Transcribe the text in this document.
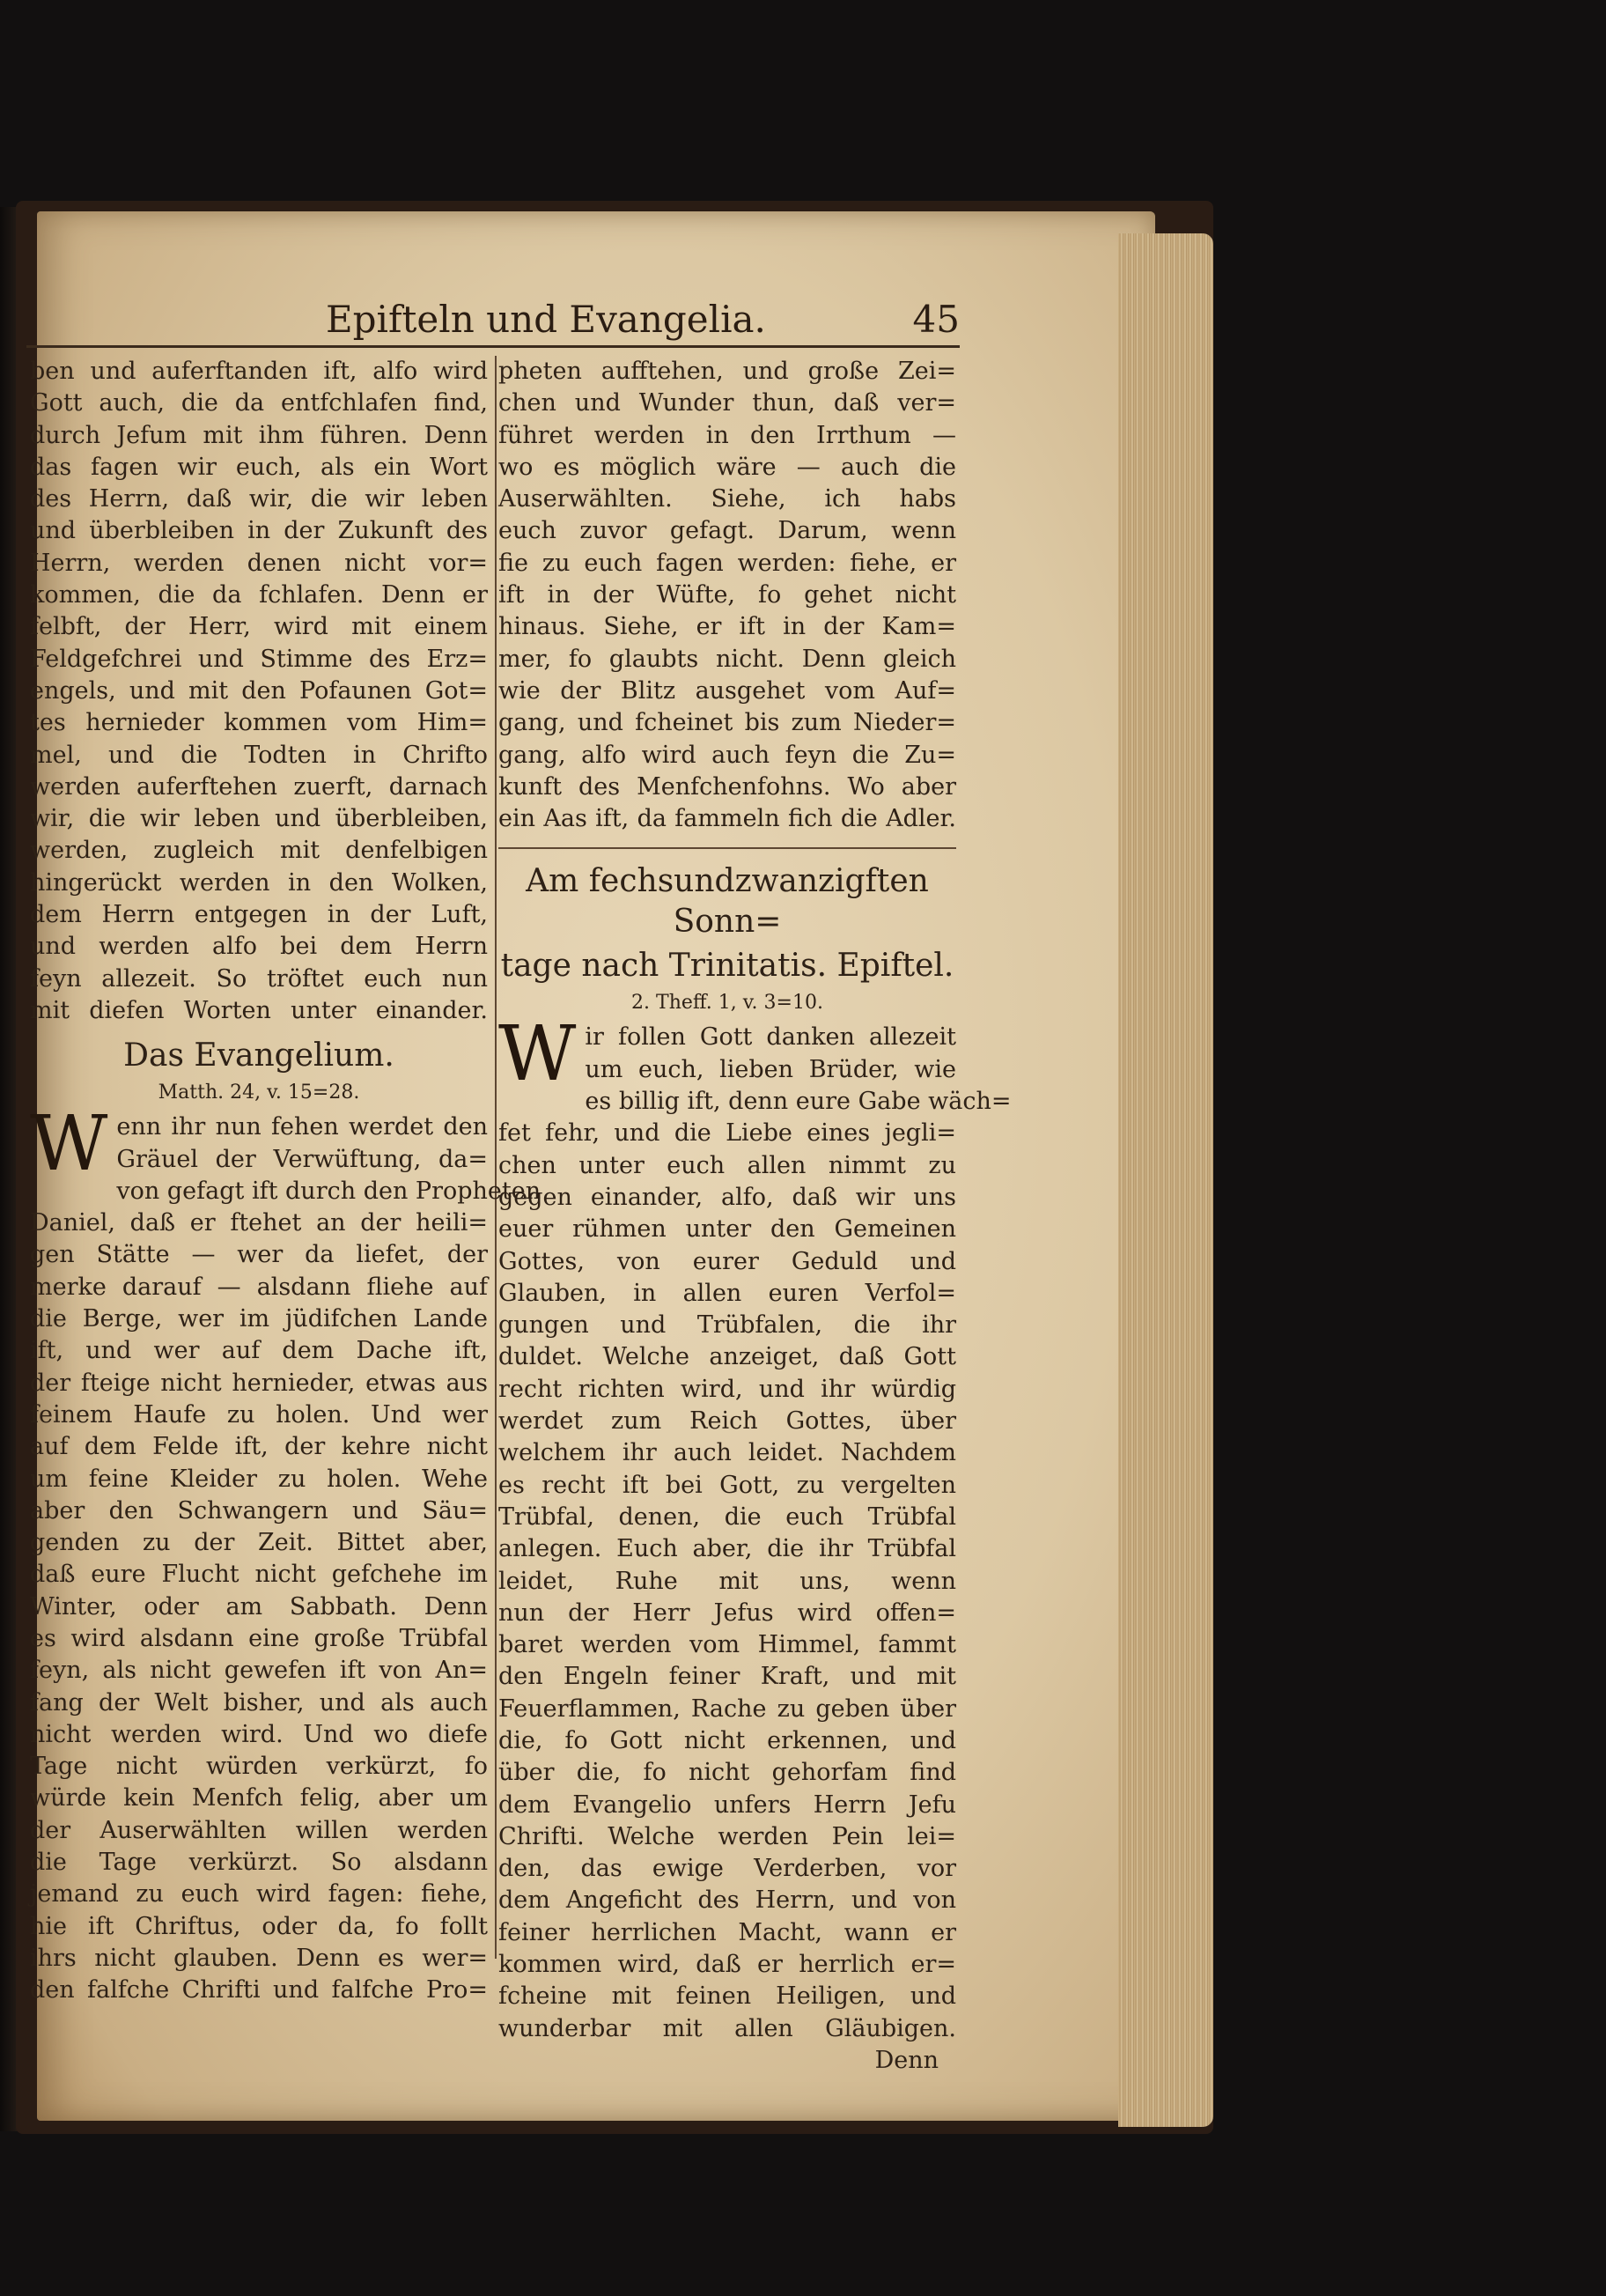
Epifteln und Evangelia.	45
ben und auferftanden ift, alfo wird
Gott auch, die da entfchlafen find,
durch Jefum mit ihm führen. Denn
das fagen wir euch, als ein Wort
des Herrn, daß wir, die wir leben
und überbleiben in der Zukunft des
Herrn, werden denen nicht vor=
kommen, die da fchlafen. Denn er
felbft, der Herr, wird mit einem
Feldgefchrei und Stimme des Erz=
engels, und mit den Pofaunen Got=
tes hernieder kommen vom Him=
mel, und die Todten in Chrifto
werden auferftehen zuerft, darnach
wir, die wir leben und überbleiben,
werden, zugleich mit denfelbigen
hingerückt werden in den Wolken,
dem Herrn entgegen in der Luft,
und werden alfo bei dem Herrn
feyn allezeit. So tröftet euch nun
mit diefen Worten unter einander.
Das Evangelium.
Matth. 24, v. 15=28.
W enn ihr nun fehen werdet den
Gräuel der Verwüftung, da=
von gefagt ift durch den Propheten
Daniel, daß er ftehet an der heili=
gen Stätte — wer da liefet, der
merke darauf — alsdann fliehe auf
die Berge, wer im jüdifchen Lande
ift, und wer auf dem Dache ift,
der fteige nicht hernieder, etwas aus
feinem Haufe zu holen. Und wer
auf dem Felde ift, der kehre nicht
um feine Kleider zu holen. Wehe
aber den Schwangern und Säu=
genden zu der Zeit. Bittet aber,
daß eure Flucht nicht gefchehe im
Winter, oder am Sabbath. Denn
es wird alsdann eine große Trübfal
feyn, als nicht gewefen ift von An=
fang der Welt bisher, und als auch
nicht werden wird. Und wo diefe
Tage nicht würden verkürzt, fo
würde kein Menfch felig, aber um
der Auserwählten willen werden
die Tage verkürzt. So alsdann
jemand zu euch wird fagen: fiehe,
hie ift Chriftus, oder da, fo follt
ihrs nicht glauben. Denn es wer=
den falfche Chrifti und falfche Pro=
pheten aufftehen, und große Zei=
chen und Wunder thun, daß ver=
führet werden in den Irrthum —
wo es möglich wäre — auch die
Auserwählten. Siehe, ich habs
euch zuvor gefagt. Darum, wenn
fie zu euch fagen werden: fiehe, er
ift in der Wüfte, fo gehet nicht
hinaus. Siehe, er ift in der Kam=
mer, fo glaubts nicht. Denn gleich
wie der Blitz ausgehet vom Auf=
gang, und fcheinet bis zum Nieder=
gang, alfo wird auch feyn die Zu=
kunft des Menfchenfohns. Wo aber
ein Aas ift, da fammeln fich die Adler.
Am fechsundzwanzigften Sonn=
tage nach Trinitatis. Epiftel.
2. Theff. 1, v. 3=10.
W ir follen Gott danken allezeit
um euch, lieben Brüder, wie
es billig ift, denn eure Gabe wäch=
fet fehr, und die Liebe eines jegli=
chen unter euch allen nimmt zu
gegen einander, alfo, daß wir uns
euer rühmen unter den Gemeinen
Gottes, von eurer Geduld und
Glauben, in allen euren Verfol=
gungen und Trübfalen, die ihr
duldet. Welche anzeiget, daß Gott
recht richten wird, und ihr würdig
werdet zum Reich Gottes, über
welchem ihr auch leidet. Nachdem
es recht ift bei Gott, zu vergelten
Trübfal, denen, die euch Trübfal
anlegen. Euch aber, die ihr Trübfal
leidet, Ruhe mit uns, wenn
nun der Herr Jefus wird offen=
baret werden vom Himmel, fammt
den Engeln feiner Kraft, und mit
Feuerflammen, Rache zu geben über
die, fo Gott nicht erkennen, und
über die, fo nicht gehorfam find
dem Evangelio unfers Herrn Jefu
Chrifti. Welche werden Pein lei=
den, das ewige Verderben, vor
dem Angeficht des Herrn, und von
feiner herrlichen Macht, wann er
kommen wird, daß er herrlich er=
fcheine mit feinen Heiligen, und
wunderbar mit allen Gläubigen.
Denn
